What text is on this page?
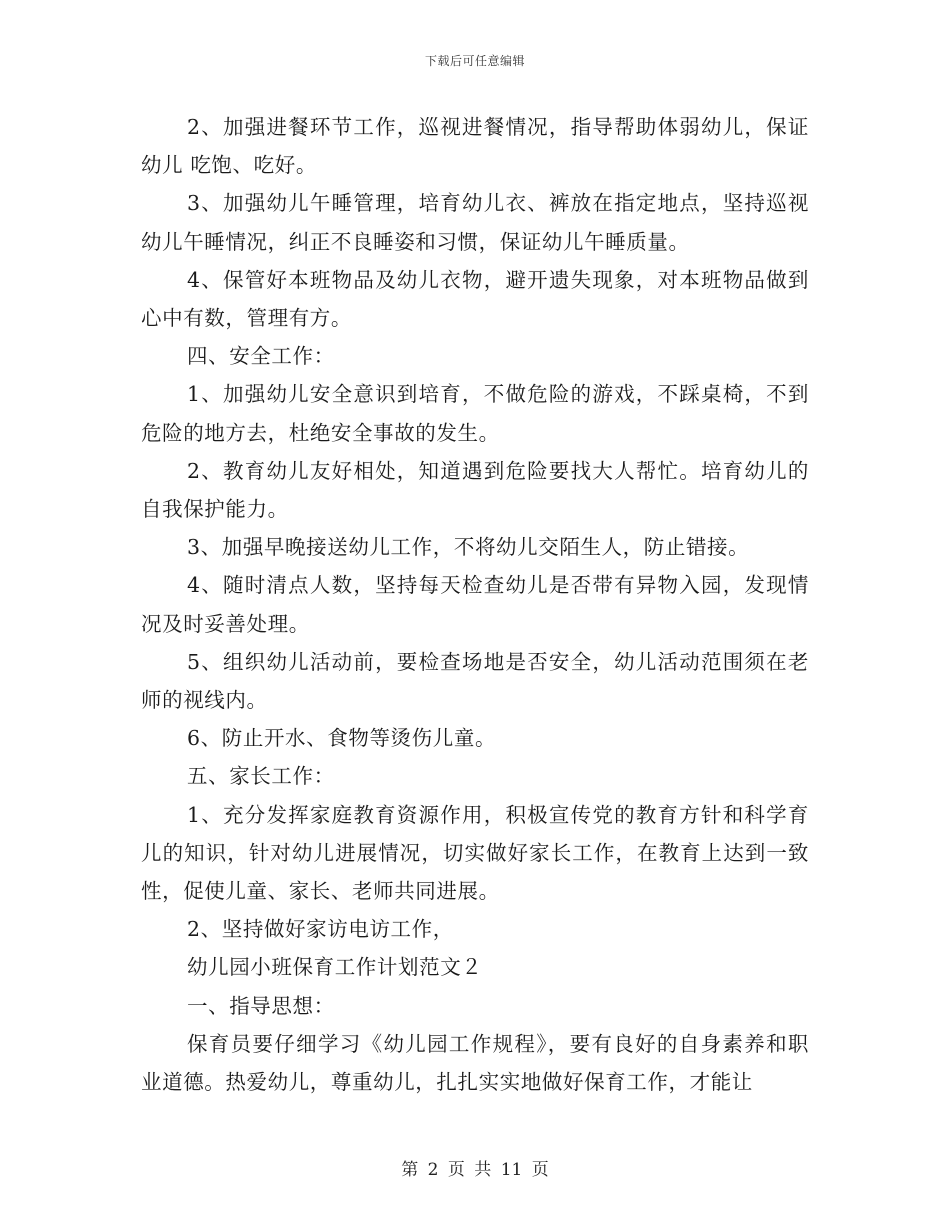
下载后可任意编辑

2、加强进餐环节工作，巡视进餐情况，指导帮助体弱幼儿，保证幼儿 吃饱、吃好。

3、加强幼儿午睡管理，培育幼儿衣、裤放在指定地点，坚持巡视幼儿午睡情况，纠正不良睡姿和习惯，保证幼儿午睡质量。

4、保管好本班物品及幼儿衣物，避开遗失现象，对本班物品做到心中有数，管理有方。

四、安全工作：

1、加强幼儿安全意识到培育，不做危险的游戏，不踩桌椅，不到危险的地方去，杜绝安全事故的发生。

2、教育幼儿友好相处，知道遇到危险要找大人帮忙。培育幼儿的自我保护能力。

3、加强早晚接送幼儿工作，不将幼儿交陌生人，防止错接。

4、随时清点人数，坚持每天检查幼儿是否带有异物入园，发现情况及时妥善处理。

5、组织幼儿活动前，要检查场地是否安全，幼儿活动范围须在老师的视线内。

6、防止开水、食物等烫伤儿童。

五、家长工作：

1、充分发挥家庭教育资源作用，积极宣传党的教育方针和科学育儿的知识，针对幼儿进展情况，切实做好家长工作，在教育上达到一致性，促使儿童、家长、老师共同进展。

2、坚持做好家访电访工作，

幼儿园小班保育工作计划范文２

一、指导思想：

保育员要仔细学习《幼儿园工作规程》，要有良好的自身素养和职业道德。热爱幼儿，尊重幼儿，扎扎实实地做好保育工作，才能让

第 2 页 共 11 页
